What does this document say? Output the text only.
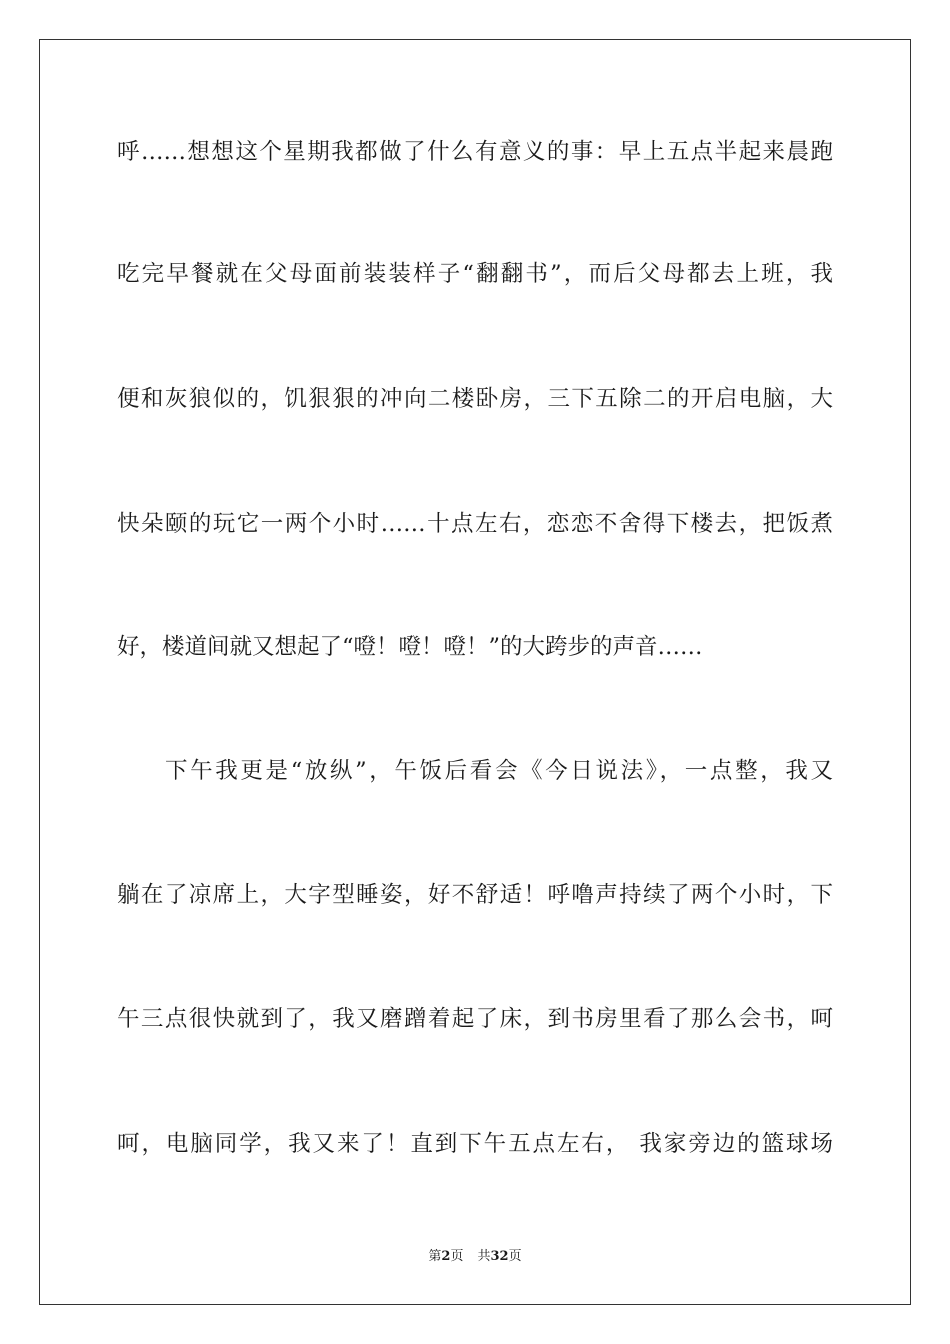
呼……想想这个星期我都做了什么有意义的事：早上五点半起来晨跑
吃完早餐就在父母面前装装样子“翻翻书”，而后父母都去上班，我
便和灰狼似的，饥狠狠的冲向二楼卧房，三下五除二的开启电脑，大
快朵颐的玩它一两个小时……十点左右，恋恋不舍得下楼去，把饭煮
好，楼道间就又想起了“噔！噔！噔！”的大跨步的声音……
下午我更是“放纵”，午饭后看会《今日说法》，一点整，我又
躺在了凉席上，大字型睡姿，好不舒适！呼噜声持续了两个小时，下
午三点很快就到了，我又磨蹭着起了床，到书房里看了那么会书，呵
呵，电脑同学，我又来了！直到下午五点左右， 我家旁边的篮球场
第2页 共32页
